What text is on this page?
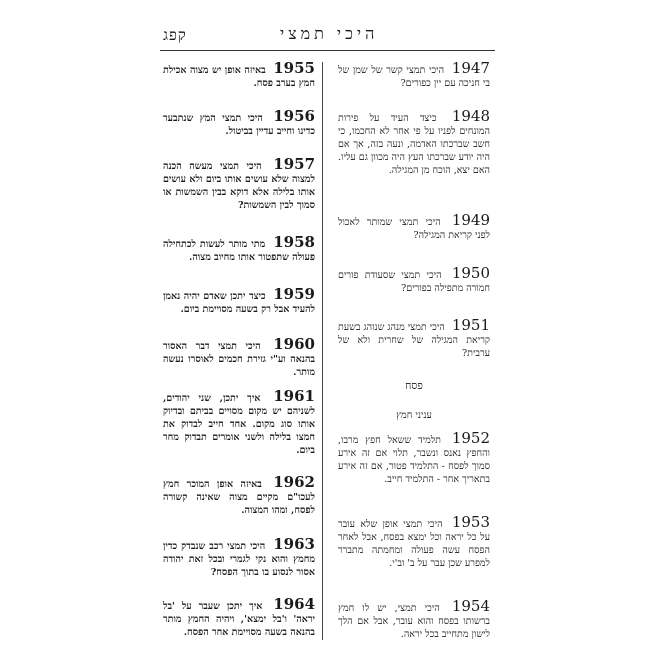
קפג	היכי תמצי
1947 היכי תמצי קשר של שמן של בי חניכה עם יין כפורים?
1948 כיצד העיד על פירות המונחים לפניו על פי אחר לא החכמו, כי חשב שברכתו האדמה, ונעה בזה, אך אם היה יודע שברכתו העץ היה מכוון גם עליו. האם יצא, הוכח מן המגילה.
1949 היכי תמצי שמותר לאכול לפני קריאת המגילה?
1950 היכי תמצי שסעודת פורים חמורה מתפילה בפורים?
1951 היכי תמצי מנהג שנוהג בשעת קריאת המגילה של שחרית ולא של ערבית?
פסח
עניני חמץ
1952 תלמיד ששאל חפץ מרבו, והחפץ נאנס ונשבר, תלוי אם זה אירע סמוך לפסח - התלמיד פטור, אם זה אירע בתאריך אחר - התלמיד חייב.
1953 היכי תמצי אופן שלא עובר על כל יראה וכל ימצא בפסח, אבל לאחר הפסח עשה פעולה ומחמתה מתברר למפרע שכן עבר על ב' וב'י.
1954 היכי תמצי, יש לו חמץ ברשותו בפסח והוא עובר, אבל אם הלך לישון מתחייב בכל יראה.
1955 באיזה אופן יש מצוה אכילת חמץ בערב פסח.
1956 היכי תמצי המץ שנתבער כדינו וחייב עדיין בביטול.
1957 היכי תמצי מעשה הכנה למצוה שלא עושים אותו ביום ולא עושים אותו בלילה אלא דוקא בבין השמשות או סמוך לבין השמשות?
1958 מתי מותר לעשות לכתחילה פעולה שתפטור אותו מחיוב מצוה.
1959 כיצד יתכן שאדם יהיה נאמן להעיד אבל רק בשעה מסויימת ביום.
1960 היכי תמצי דבר האסור בהנאה וע"י גזירת חכמים לאוסרו נעשה מותר.
1961 איך יתכן, שני יהודים, לשניהם יש מקום מסויים בביתם ובדיוק אותו סוג מקום. אחד חייב לבדוק את חמצו בלילה ולשני אומרים תבדוק מחר ביום.
1962 באיזה אופן המוכר חמץ לעכו"ם מקיים מצוה שאינה קשורה לפסח, ומהו המצוה.
1963 היכי תמצי רכב שנבדק כדין מחמץ והוא נקי לגמרי ובכל זאת יהודה אסור לנסוע בו בתוך הפסח?
1964 איך יתכן שעבר על 'בל יראה' ו'בל ימצא', ויהיה החמץ מותר בהנאה בשעה מסויימת אחר הפסח.
